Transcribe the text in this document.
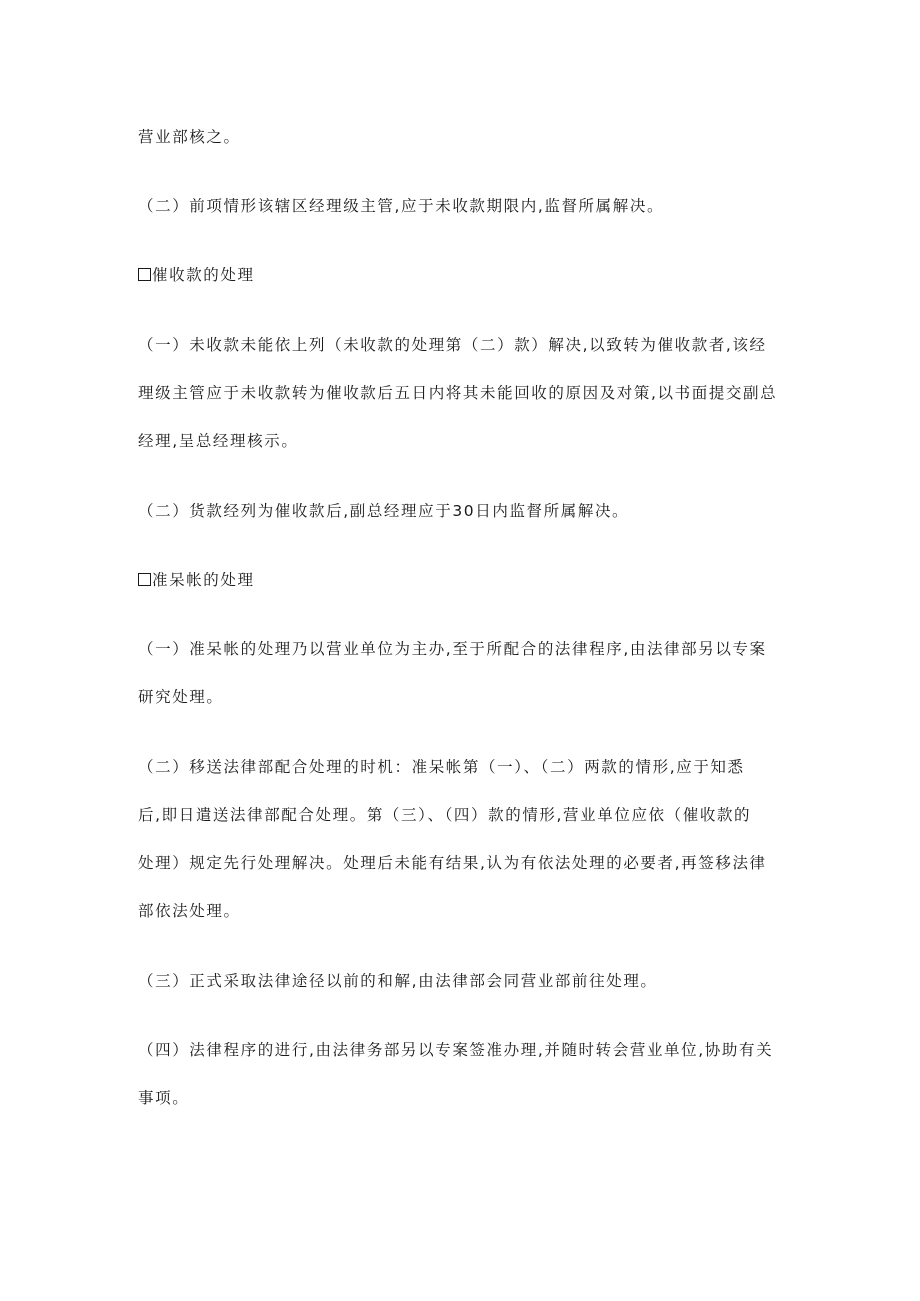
营业部核之。
（二）前项情形该辖区经理级主管,应于未收款期限内,监督所属解决。
催收款的处理
（一）未收款未能依上列（未收款的处理第（二）款）解决,以致转为催收款者,该经
理级主管应于未收款转为催收款后五日内将其未能回收的原因及对策,以书面提交副总
经理,呈总经理核示。
（二）货款经列为催收款后,副总经理应于30日内监督所属解决。
准呆帐的处理
（一）准呆帐的处理乃以营业单位为主办,至于所配合的法律程序,由法律部另以专案
研究处理。
（二）移送法律部配合处理的时机：准呆帐第（一）、（二）两款的情形,应于知悉
后,即日遣送法律部配合处理。第（三）、（四）款的情形,营业单位应依（催收款的
处理）规定先行处理解决。处理后未能有结果,认为有依法处理的必要者,再签移法律
部依法处理。
（三）正式采取法律途径以前的和解,由法律部会同营业部前往处理。
（四）法律程序的进行,由法律务部另以专案签准办理,并随时转会营业单位,协助有关
事项。
